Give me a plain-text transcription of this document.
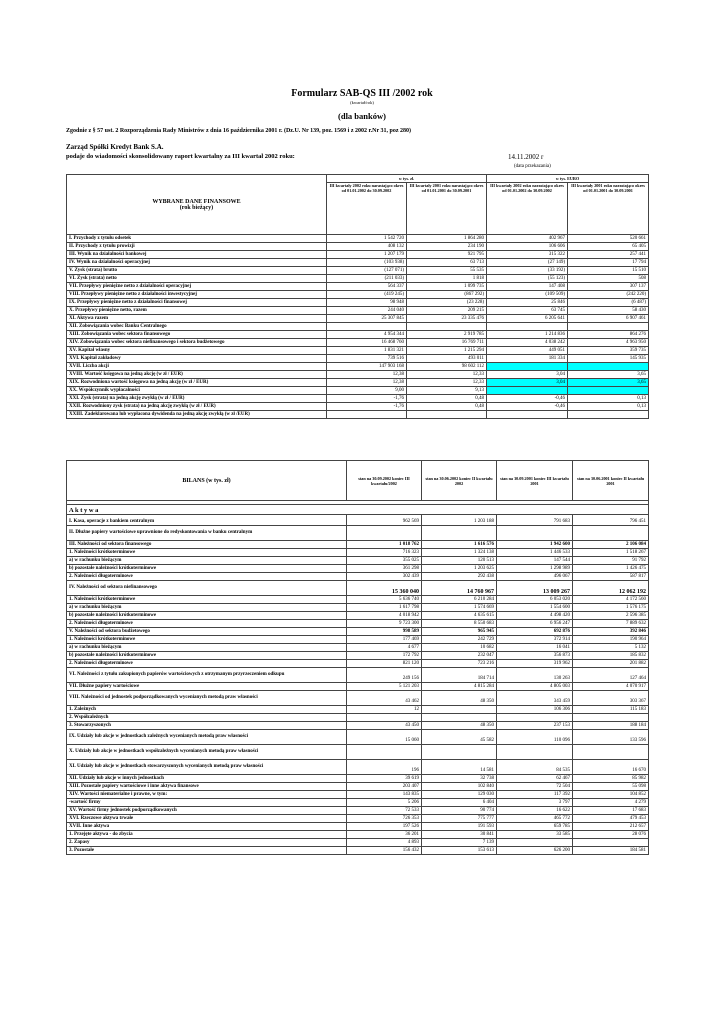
Formularz SAB-QS III /2002 rok
(kwartał/rok)
(dla banków)
Zgodnie z § 57 ust. 2 Rozporządzenia Rady Ministrów z dnia 16 października 2001 r. (Dz.U. Nr 139, poz. 1569 i z 2002 r.Nr 31, poz 280)
Zarząd Spółki Kredyt Bank S.A.
podaje do wiadomości skonsolidowany raport kwartalny za III kwartał 2002 roku:	14.11.2002 r
(data przekazania)
WYBRANE DANE FINANSOWE
(rok bieżący)	w tys. zł.		w tys. EURO	
	III kwartały 2002 roku narastająco okres od 01.01.2002 do 30.09.2002	III kwartały 2001 roku narastająco okres od 01.01.2001 do 30.09.2001	III kwartały 2002 roku narastająco okres od 01.01.2002 do 30.09.2002	III kwartały 2001 roku narastająco okres od 01.01.2001 do 30.09.2001
I. Przychody z tytułu odsetek	1 542 720	1 864 280	402 967	520 661
II. Przychody z tytułu prowizji	408 132	234 190	106 606	65 405
III. Wynik na działalności bankowej	1 207 179	921 795	315 322	257 441
IV. Wynik na działalności operacyjnej	(103 938)	63 713	(27 149)	17 794
V. Zysk (strata) brutto	(127 071)	55 535	(33 192)	15 510
VI. Zysk (strata) netto	(211 033)	1 818	(55 123)	508
VII. Przepływy pieniężne netto z działalności operacyjnej	564 337	1 099 735	147 408	307 137
VIII. Przepływy pieniężne netto z działalności inwestycyjnej	(419 245)	(867 292)	(109 509)	(242 220)
IX. Przepływy pieniężne netto z działalności finansowej	98 948	(23 228)	25 846	(6 487)
X. Przepływy pieniężne netto, razem	244 040	209 215	63 745	58 430
XI. Aktywa razem	25 307 845	23 335 476	6 205 641	6 907 461
XII. Zobowiązania wobec Banku Centralnego				
XIII. Zobowiązania wobec sektora finansowego	4 954 344	2 919 785	1 214 836	864 276
XIV. Zobowiązania wobec sektora niefinansowego i sektora budżetowego	16 468 760	16 769 711	4 038 242	4 963 950
XV. Kapitał własny	1 831 321	1 215 294	449 051	359 735
XVI. Kapitał zakładowy	739 516	493 011	181 334	145 935
XVII. Liczba akcji	147 903 168	98 602 112		
XVIII. Wartość księgowa na jedną akcję (w zł / EUR)	12,38	12,33	3,04	3,65
XIX. Rozwodniona wartość księgowa na jedną akcję (w zł / EUR)	12,38	12,33	3,04	3,65
XX. Współczynnik wypłacalności	9,00	9,13		
XXI. Zysk (strata) na jedną akcję zwykłą (w zł / EUR)	-1,76	0,48	-0,46	0,13
XXII. Rozwodniony zysk (strata) na jedną akcję zwykłą (w zł / EUR)	-1,76	0,48	-0,46	0,13
XXIII. Zadeklarowana lub wypłacona dywidenda na jedną akcję zwykłą (w zł /EUR)				
BILANS (w tys. zł)	stan na 30.09.2002 koniec III kwartału/2002	stan na 30.06.2002 koniec II kwartału 2002	stan na 30.09.2001 koniec III kwartału 2001	stan na 30.06.2001 koniec II kwartału 2001

A k t y w a				
I. Kasa, operacje z bankiem centralnym	962 569	1 203 188	791 683	796 451
II. Dłużne papiery wartościowe uprawnione do redyskontowania w banku centralnym				
III. Należności od sektora finansowego	1 018 762	1 616 576	1 942 600	2 106 084
1. Należności krótkoterminowe	716 323	1 324 138	1 446 533	1 518 267
a) w rachunku bieżącym	355 025	120 513	147 544	91 792
b) pozostałe należności krótkoterminowe	361 298	1 203 625	1 298 989	1 426 475
2. Należności długoterminowe	302 439	292 438	496 067	587 817
IV. Należności od sektora niefinansowego	15 360 040	14 760 967	13 009 267	12 062 192
1. Należności krótkoterminowe	5 636 740	6 210 284	6 053 020	4 172 560
a) w rachunku bieżącym	1 617 798	1 574 669	1 554 600	1 576 175
b) pozostałe należności krótkoterminowe	4 018 942	4 635 615	4 498 420	2 596 385
2. Należności długoterminowe	9 723 300	8 550 683	6 956 247	7 889 632
V. Należności od sektora budżetowego	998 589	965 945	692 876	392 846
1. Należności krótkoterminowe	177 469	242 729	372 914	190 964
a) w rachunku bieżącym	4 677	10 682	16 041	5 132
b) pozostałe należności krótkoterminowe	172 792	232 047	356 873	185 832
2. Należności długoterminowe	821 120	723 216	319 962	201 882
VI. Należności z tytułu zakupionych papierów wartościowych z otrzymanym przyrzeczeniem odkupu	249 156	184 714	130 263	127 464
VII. Dłużne papiery wartościowe	5 121 203	4 815 284	4 805 003	4 070 917
VIII. Należności od jednostek podporządkowanych wycenianych metodą praw własności	43 462	48 350	343 459	303 367
1. Zależnych	12		106 306	115 183
2. Współzależnych				
3. Stowarzyszonych	43 450	48 350	237 153	188 184
IX. Udziały lub akcje w jednostkach zależnych wycenianych metodą praw własności	15 060	45 582	110 096	133 596
X. Udziały lub akcje w jednostkach współzależnych wycenianych metodą praw własności				
XI. Udziały lub akcje w jednostkach stowarzyszonych wycenianych metodą praw własności	196	14 581	84 535	16 670
XII. Udziały lub akcje w innych jednostkach	39 619	32 738	62 467	85 982
XIII. Pozostałe papiery wartościowe i inne aktywa finansowe	203 407	102 840	72 504	55 098
XIV. Wartości niematerialne i prawne, w tym:	143 835	129 030	117 392	104 852
-wartość firmy	5 206	6 404	3 797	4 279
XV. Wartość firmy jednostek podporządkowanych	72 533	90 774	16 622	17 683
XVI. Rzeczowe aktywa trwałe	726 353	775 777	465 772	479 453
XVII. Inne aktywa	197 526	191 593	659 785	212 657
1. Przejęte aktywa - do zbycia	36 201	30 841	33 585	28 076
2. Zapasy	4 893	7 139		
3. Pozostałe	156 432	153 613	626 200	184 581
